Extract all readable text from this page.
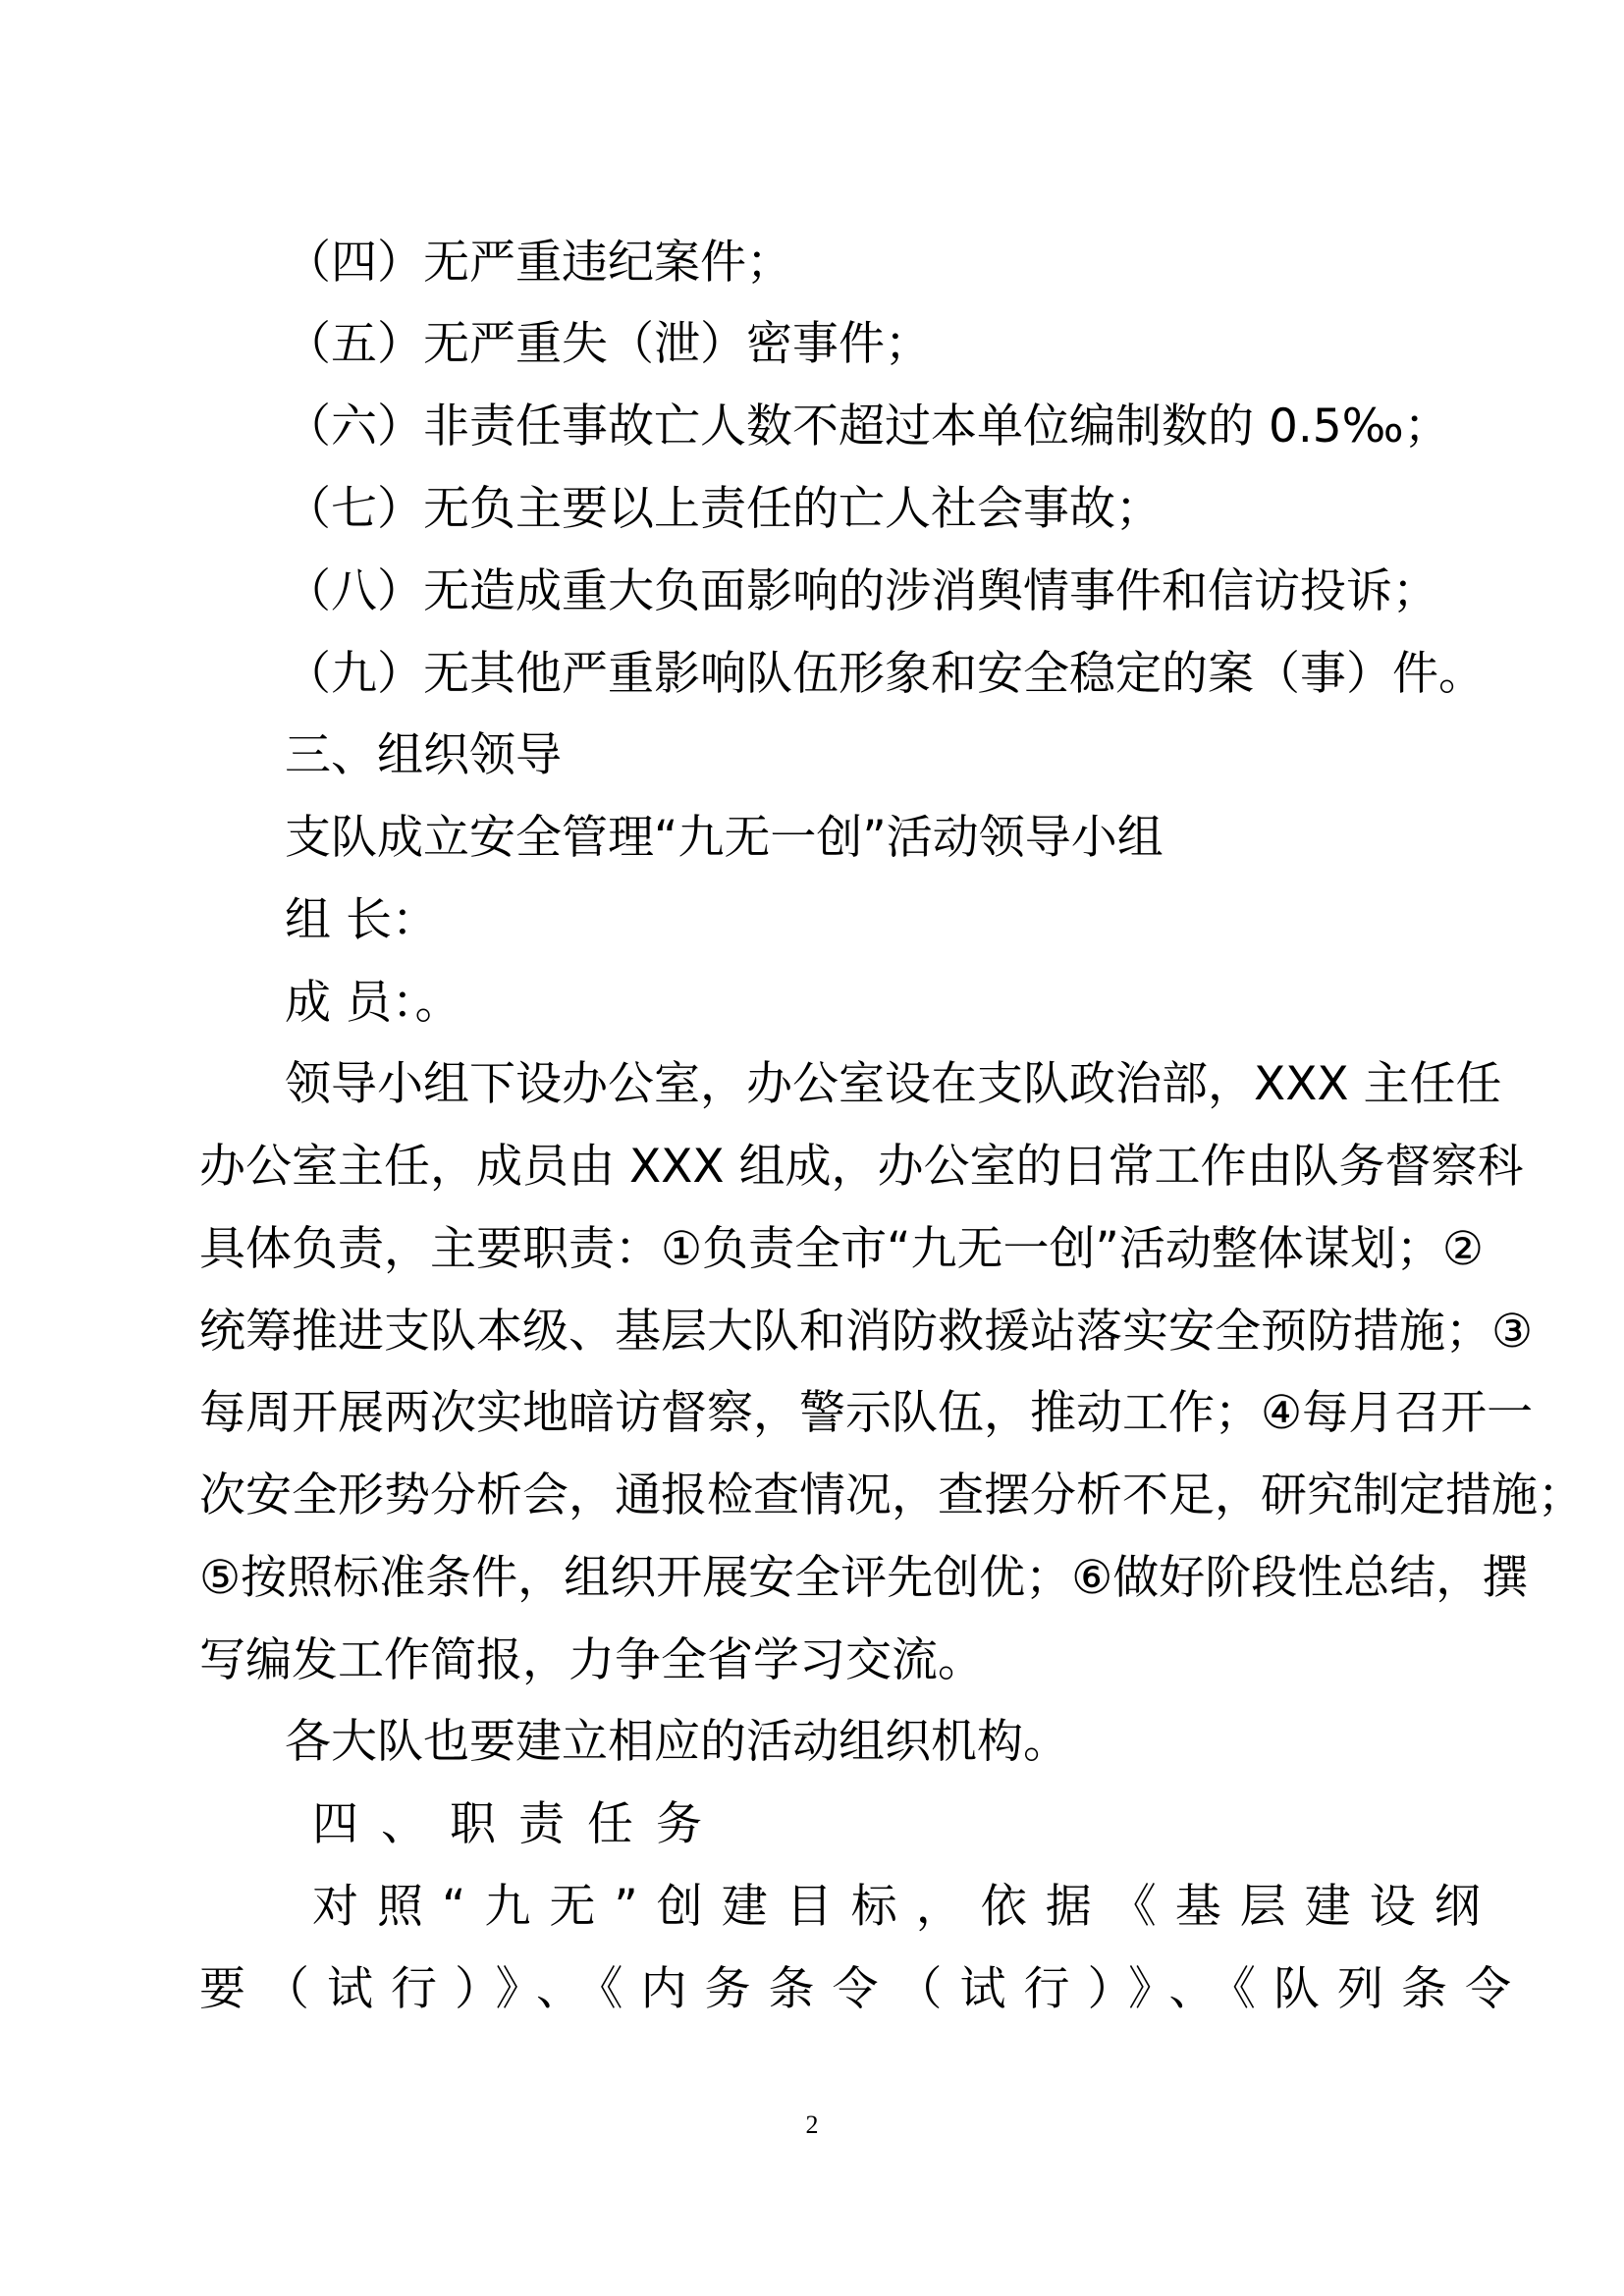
（四）无严重违纪案件；
（五）无严重失（泄）密事件；
（六）非责任事故亡人数不超过本单位编制数的 0.5‰；
（七）无负主要以上责任的亡人社会事故；
（八）无造成重大负面影响的涉消舆情事件和信访投诉；
（九）无其他严重影响队伍形象和安全稳定的案（事）件。
三、组织领导
支队成立安全管理“九无一创”活动领导小组
组 长：
成 员：。
领导小组下设办公室，办公室设在支队政治部，XXX 主任任
办公室主任，成员由 XXX 组成，办公室的日常工作由队务督察科
具体负责，主要职责：①负责全市“九无一创”活动整体谋划；②
统筹推进支队本级、基层大队和消防救援站落实安全预防措施；③
每周开展两次实地暗访督察，警示队伍，推动工作；④每月召开一
次安全形势分析会，通报检查情况，查摆分析不足，研究制定措施；
⑤按照标准条件，组织开展安全评先创优；⑥做好阶段性总结，撰
写编发工作简报，力争全省学习交流。
各大队也要建立相应的活动组织机构。
四、职责任务
对照“九无”创建目标，依据《基层建设纲
要（试行）》、《内务条令（试行）》、《队列条令
2
